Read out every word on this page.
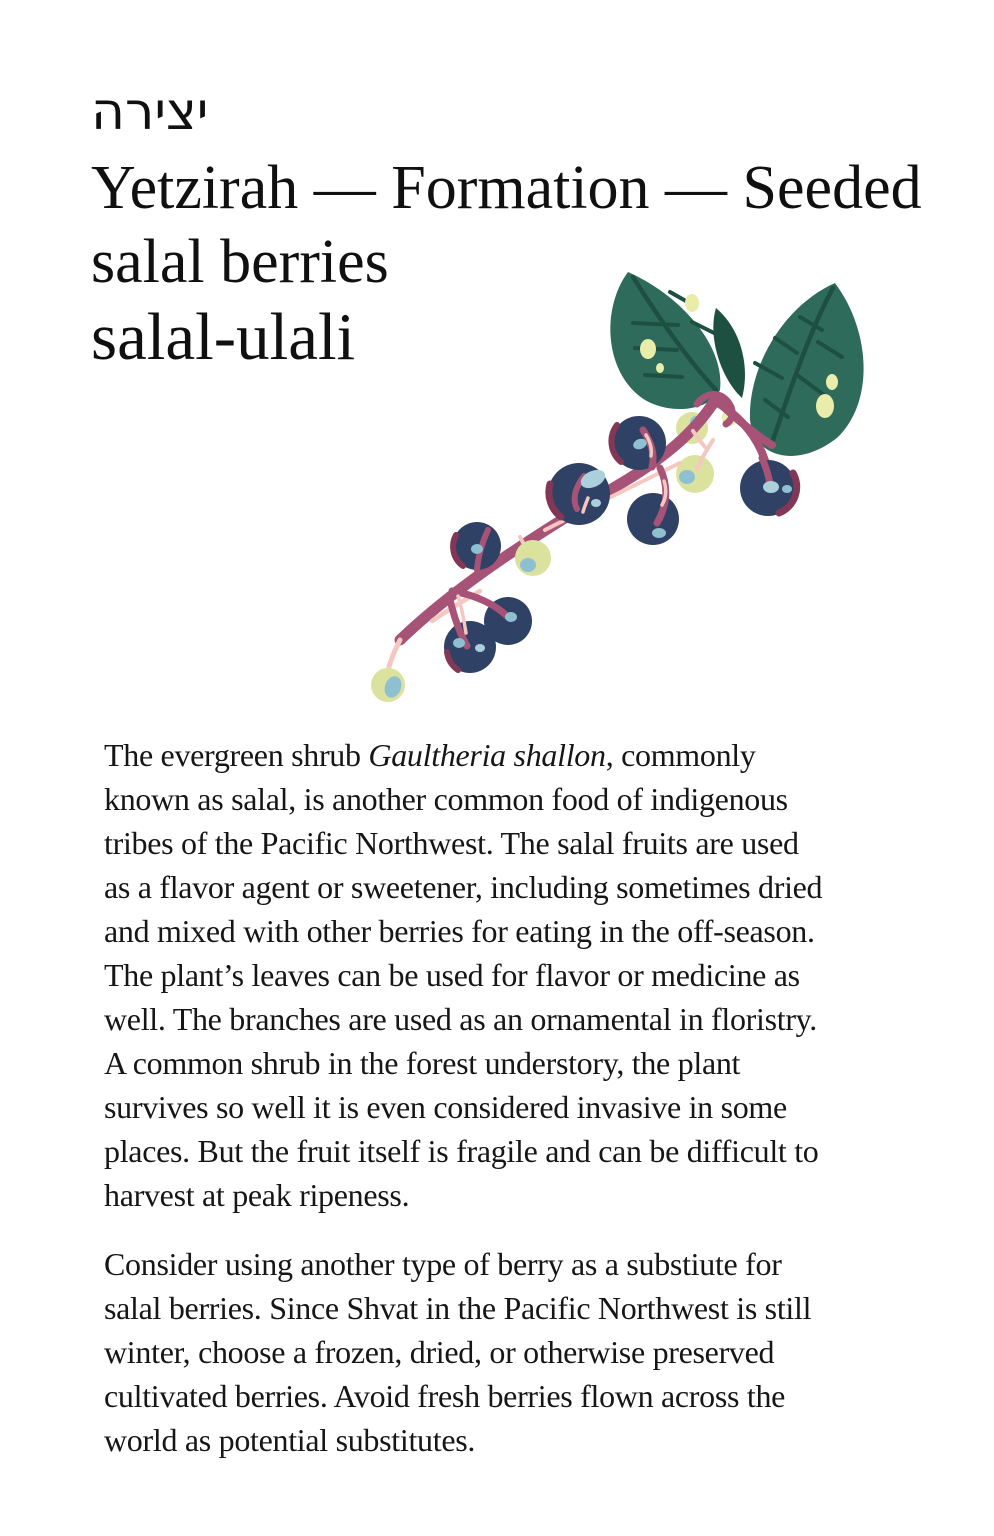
יצירה
Yetzirah — Formation — Seeded
salal berries
salal-ulali
The evergreen shrub Gaultheria shallon, commonly
known as salal, is another common food of indigenous
tribes of the Pacific Northwest. The salal fruits are used
as a flavor agent or sweetener, including sometimes dried
and mixed with other berries for eating in the off-season.
The plant’s leaves can be used for flavor or medicine as
well. The branches are used as an ornamental in floristry.
A common shrub in the forest understory, the plant
survives so well it is even considered invasive in some
places. But the fruit itself is fragile and can be difficult to
harvest at peak ripeness.
Consider using another type of berry as a substiute for
salal berries. Since Shvat in the Pacific Northwest is still
winter, choose a frozen, dried, or otherwise preserved
cultivated berries. Avoid fresh berries flown across the
world as potential substitutes.
